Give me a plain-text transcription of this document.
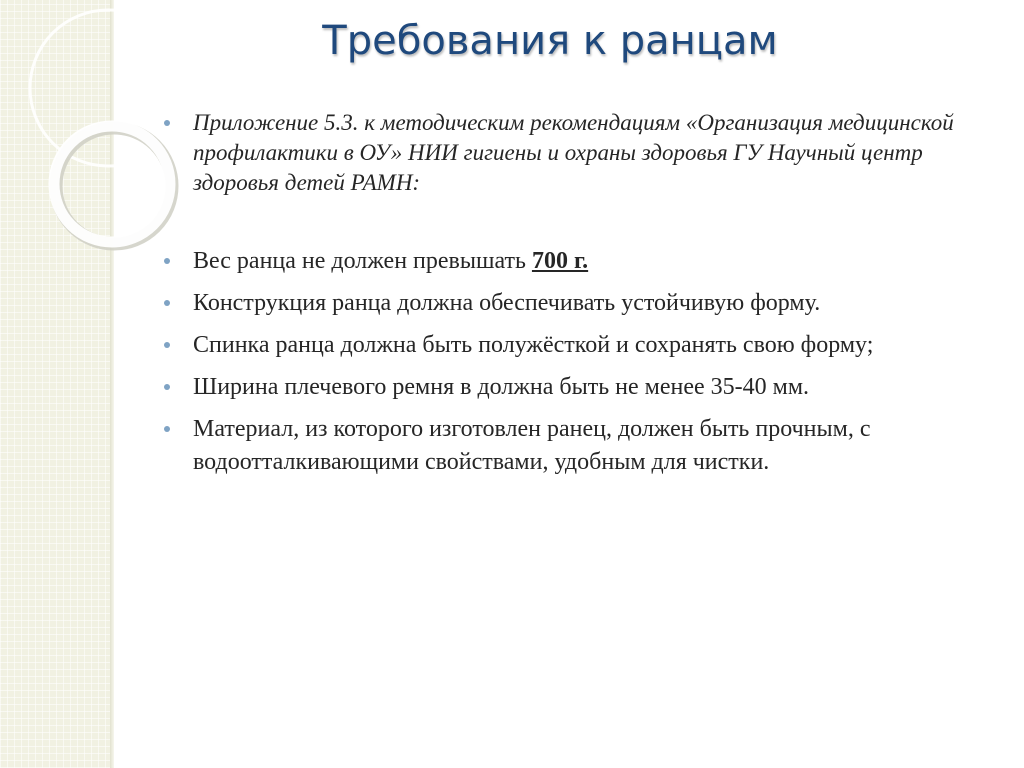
Требования к ранцам
Приложение 5.3. к методическим рекомендациям «Организация медицинской профилактики в ОУ» НИИ гигиены и охраны здоровья ГУ Научный центр здоровья детей РАМН:
Вес ранца не должен превышать 700 г.
Конструкция ранца должна обеспечивать устойчивую форму.
Спинка ранца должна быть полужёсткой и сохранять свою форму;
Ширина плечевого ремня в должна быть не менее 35-40 мм.
Материал, из которого изготовлен ранец, должен быть прочным, с водоотталкивающими свойствами, удобным для чистки.
